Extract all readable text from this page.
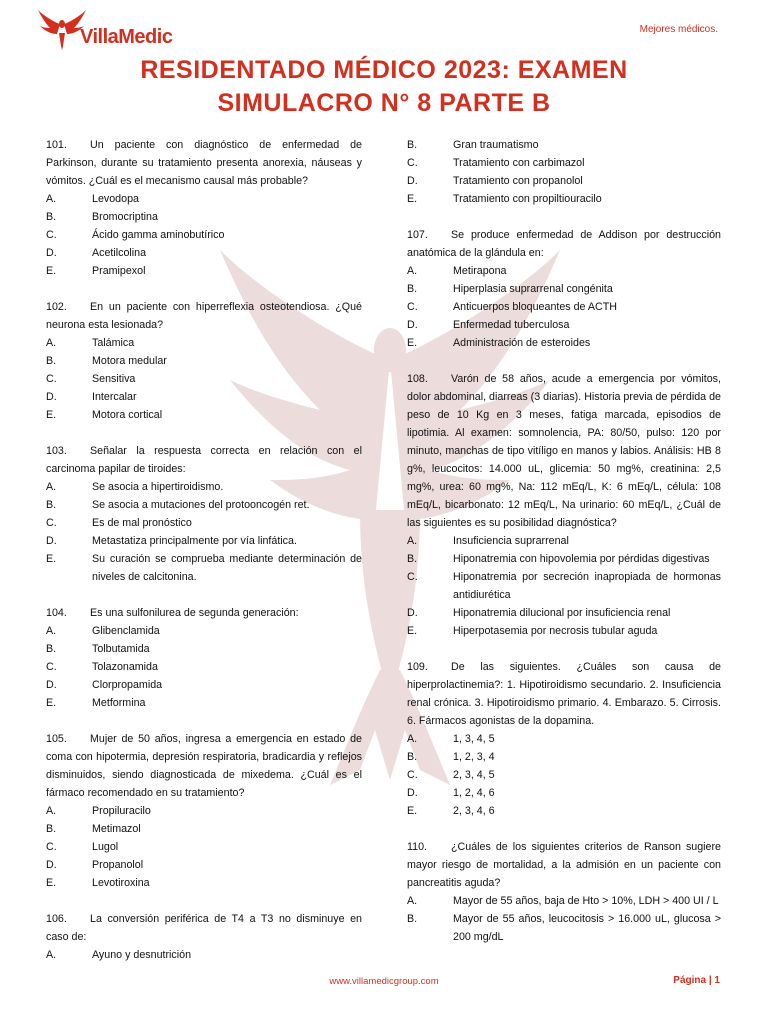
VillaMedic	Mejores médicos.
RESIDENTADO MÉDICO 2023: EXAMEN
SIMULACRO N° 8 PARTE B
101. Un paciente con diagnóstico de enfermedad de Parkinson, durante su tratamiento presenta anorexia, náuseas y vómitos. ¿Cuál es el mecanismo causal más probable?
A.	Levodopa
B.	Bromocriptina
C.	Ácido gamma aminobutírico
D.	Acetilcolina
E.	Pramipexol
102. En un paciente con hiperreflexia osteotendiosa. ¿Qué neurona esta lesionada?
A.	Talámica
B.	Motora medular
C.	Sensitiva
D.	Intercalar
E.	Motora cortical
103. Señalar la respuesta correcta en relación con el carcinoma papilar de tiroides:
A.	Se asocia a hipertiroidismo.
B.	Se asocia a mutaciones del protooncogén ret.
C.	Es de mal pronóstico
D.	Metastatiza principalmente por vía linfática.
E.	Su curación se comprueba mediante determinación de niveles de calcitonina.
104. Es una sulfonilurea de segunda generación:
A.	Glibenclamida
B.	Tolbutamida
C.	Tolazonamida
D.	Clorpropamida
E.	Metformina
105. Mujer de 50 años, ingresa a emergencia en estado de coma con hipotermia, depresión respiratoria, bradicardia y reflejos disminuidos, siendo diagnosticada de mixedema. ¿Cuál es el fármaco recomendado en su tratamiento?
A.	Propiluracilo
B.	Metimazol
C.	Lugol
D.	Propanolol
E.	Levotiroxina
106. La conversión periférica de T4 a T3 no disminuye en caso de:
A.	Ayuno y desnutrición
B.	Gran traumatismo
C.	Tratamiento con carbimazol
D.	Tratamiento con propanolol
E.	Tratamiento con propiltiouracilo
107. Se produce enfermedad de Addison por destrucción anatómica de la glándula en:
A.	Metirapona
B.	Hiperplasia suprarrenal congénita
C.	Anticuerpos bloqueantes de ACTH
D.	Enfermedad tuberculosa
E.	Administración de esteroides
108. Varón de 58 años, acude a emergencia por vómitos, dolor abdominal, diarreas (3 diarias). Historia previa de pérdida de peso de 10 Kg en 3 meses, fatiga marcada, episodios de lipotimia. Al examen: somnolencia, PA: 80/50, pulso: 120 por minuto, manchas de tipo vitíligo en manos y labios. Análisis: HB 8 g%, leucocitos: 14.000 uL, glicemia: 50 mg%, creatinina: 2,5 mg%, urea: 60 mg%, Na: 112 mEq/L, K: 6 mEq/L, célula: 108 mEq/L, bicarbonato: 12 mEq/L, Na urinario: 60 mEq/L, ¿Cuál de las siguientes es su posibilidad diagnóstica?
A.	Insuficiencia suprarrenal
B.	Hiponatremia con hipovolemia por pérdidas digestivas
C.	Hiponatremia por secreción inapropiada de hormonas antidiurética
D.	Hiponatremia dilucional por insuficiencia renal
E.	Hiperpotasemia por necrosis tubular aguda
109. De las siguientes. ¿Cuáles son causa de hiperprolactinemia?: 1. Hipotiroidismo secundario. 2. Insuficiencia renal crónica. 3. Hipotiroidismo primario. 4. Embarazo. 5. Cirrosis. 6. Fármacos agonistas de la dopamina.
A.	1, 3, 4, 5
B.	1, 2, 3, 4
C.	2, 3, 4, 5
D.	1, 2, 4, 6
E.	2, 3, 4, 6
110. ¿Cuáles de los siguientes criterios de Ranson sugiere mayor riesgo de mortalidad, a la admisión en un paciente con pancreatitis aguda?
A.	Mayor de 55 años, baja de Hto > 10%, LDH > 400 UI / L
B.	Mayor de 55 años, leucocitosis > 16.000 uL, glucosa > 200 mg/dL
www.villamedicgroup.com	Página | 1
